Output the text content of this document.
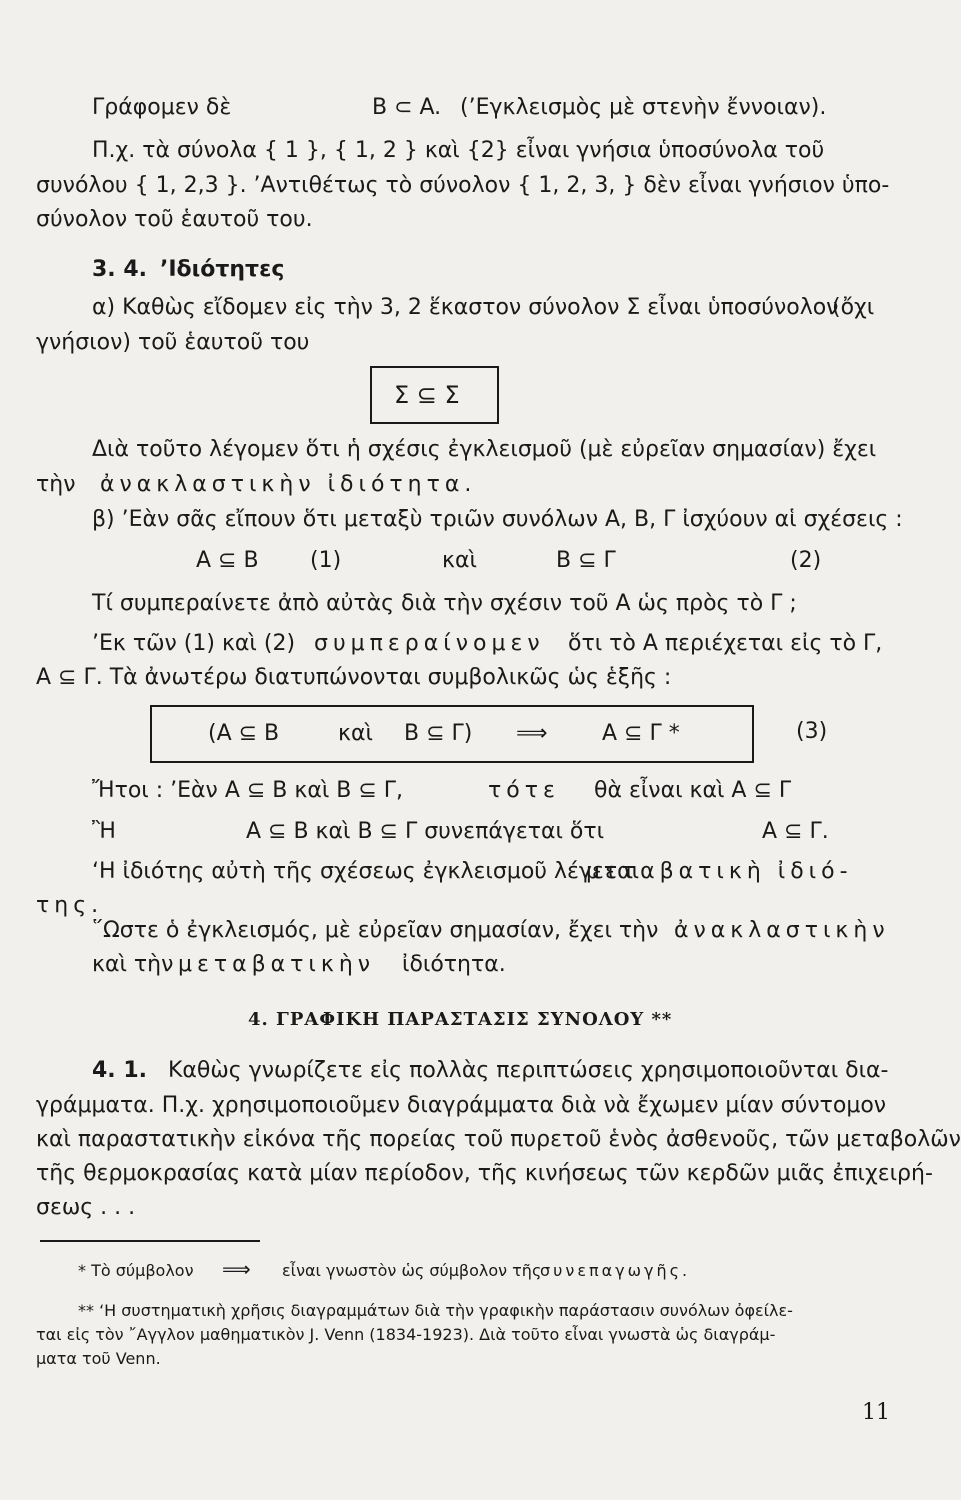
Γράφομεν δὲ	B ⊂ A. (’Εγκλεισμὸς μὲ στενὴν ἔννοιαν).
Π.χ. τὰ σύνολα { 1 }, { 1, 2 } καὶ {2} εἶναι γνήσια ὑποσύνολα τοῦ
συνόλου { 1, 2,3 }. ’Αντιθέτως τὸ σύνολον { 1, 2, 3, } δὲν εἶναι γνήσιον ὑπο-
σύνολον τοῦ ἑαυτοῦ του.
3. 4. ’Ιδιότητες
α) Καθὼς εἴδομεν εἰς τὴν 3, 2 ἕκαστον σύνολον Σ εἶναι ὑποσύνολον
(ὄχι
γνήσιον) τοῦ ἑαυτοῦ του
Σ ⊆ Σ
Διὰ τοῦτο λέγομεν ὅτι ἡ σχέσις ἐγκλεισμοῦ (μὲ εὐρεῖαν σημασίαν) ἔχει
τὴν ἀνακλαστικὴν ἰδιότητα.
β) ’Εὰν σᾶς εἴπουν ὅτι μεταξὺ τριῶν συνόλων A, B, Γ ἰσχύουν αἱ σχέσεις :
A ⊆ B (1)	καὶ	B ⊆ Γ	(2)
Τί συμπεραίνετε ἀπὸ αὐτὰς διὰ τὴν σχέσιν τοῦ A ὡς πρὸς τὸ Γ ;
’Εκ τῶν (1) καὶ (2) συμπεραίνομεν ὅτι τὸ A περιέχεται εἰς τὸ Γ,
A ⊆ Γ. Τὰ ἀνωτέρω διατυπώνονται συμβολικῶς ὡς ἑξῆς :
(A ⊆ B	καὶ B ⊆ Γ) ⟹ A ⊆ Γ *	(3)
Ἤτοι : ’Εὰν A ⊆ B καὶ B ⊆ Γ,	τότε θὰ εἶναι καὶ A ⊆ Γ
Ἢ	A ⊆ B καὶ B ⊆ Γ συνεπάγεται ὅτι	A ⊆ Γ.
‘Η ἰδιότης αὐτὴ τῆς σχέσεως ἐγκλεισμοῦ λέγεται
μεταβατικὴ ἰδιό-
της.
῞Ωστε ὁ ἐγκλεισμός, μὲ εὐρεῖαν σημασίαν, ἔχει τὴν ἀνακλαστικὴν
καὶ τὴν μεταβατικὴν ἰδιότητα.
4. ΓΡΑΦΙΚΗ ΠΑΡΑΣΤΑΣΙΣ ΣΥΝΟΛΟΥ **
4. 1. Καθὼς γνωρίζετε εἰς πολλὰς περιπτώσεις χρησιμοποιοῦνται δια-
γράμματα. Π.χ. χρησιμοποιοῦμεν διαγράμματα διὰ νὰ ἔχωμεν μίαν σύντομον
καὶ παραστατικὴν εἰκόνα τῆς πορείας τοῦ πυρετοῦ ἑνὸς ἀσθενοῦς, τῶν μεταβολῶν
τῆς θερμοκρασίας κατὰ μίαν περίοδον, τῆς κινήσεως τῶν κερδῶν μιᾶς ἐπιχειρή-
σεως . . .
* Τὸ σύμβολον ⟹ εἶναι γνωστὸν ὡς σύμβολον τῆς
συνεπαγωγῆς.
** ‘Η συστηματικὴ χρῆσις διαγραμμάτων διὰ τὴν γραφικὴν παράστασιν συνόλων ὀφείλε-
ται εἰς τὸν ῎Αγγλον μαθηματικὸν J. Venn (1834-1923). Διὰ τοῦτο εἶναι γνωστὰ ὡς διαγράμ-
ματα τοῦ Venn.
11
